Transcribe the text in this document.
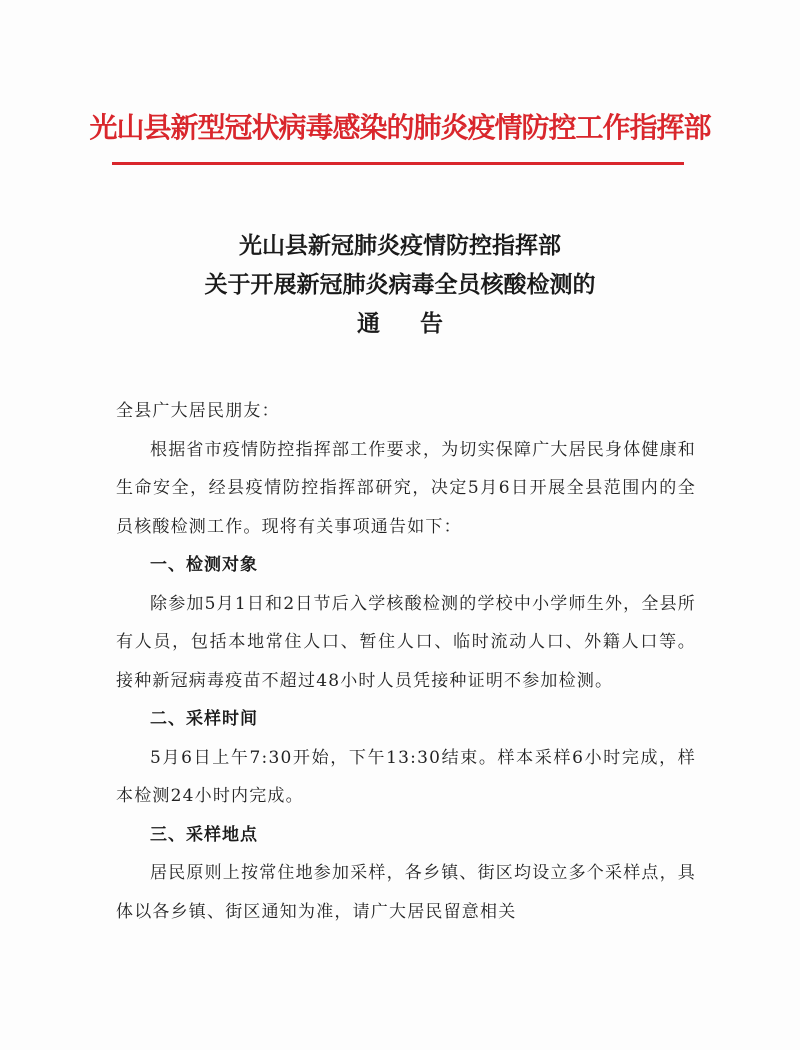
光山县新型冠状病毒感染的肺炎疫情防控工作指挥部
光山县新冠肺炎疫情防控指挥部
关于开展新冠肺炎病毒全员核酸检测的
通告

全县广大居民朋友：

根据省市疫情防控指挥部工作要求，为切实保障广大居民身体健康和生命安全，经县疫情防控指挥部研究，决定5月6日开展全县范围内的全员核酸检测工作。现将有关事项通告如下：

一、检测对象

除参加5月1日和2日节后入学核酸检测的学校中小学师生外，全县所有人员，包括本地常住人口、暂住人口、临时流动人口、外籍人口等。接种新冠病毒疫苗不超过48小时人员凭接种证明不参加检测。

二、采样时间

5月6日上午7:30开始，下午13:30结束。样本采样6小时完成，样本检测24小时内完成。

三、采样地点

居民原则上按常住地参加采样，各乡镇、街区均设立多个采样点，具体以各乡镇、街区通知为准，请广大居民留意相关
